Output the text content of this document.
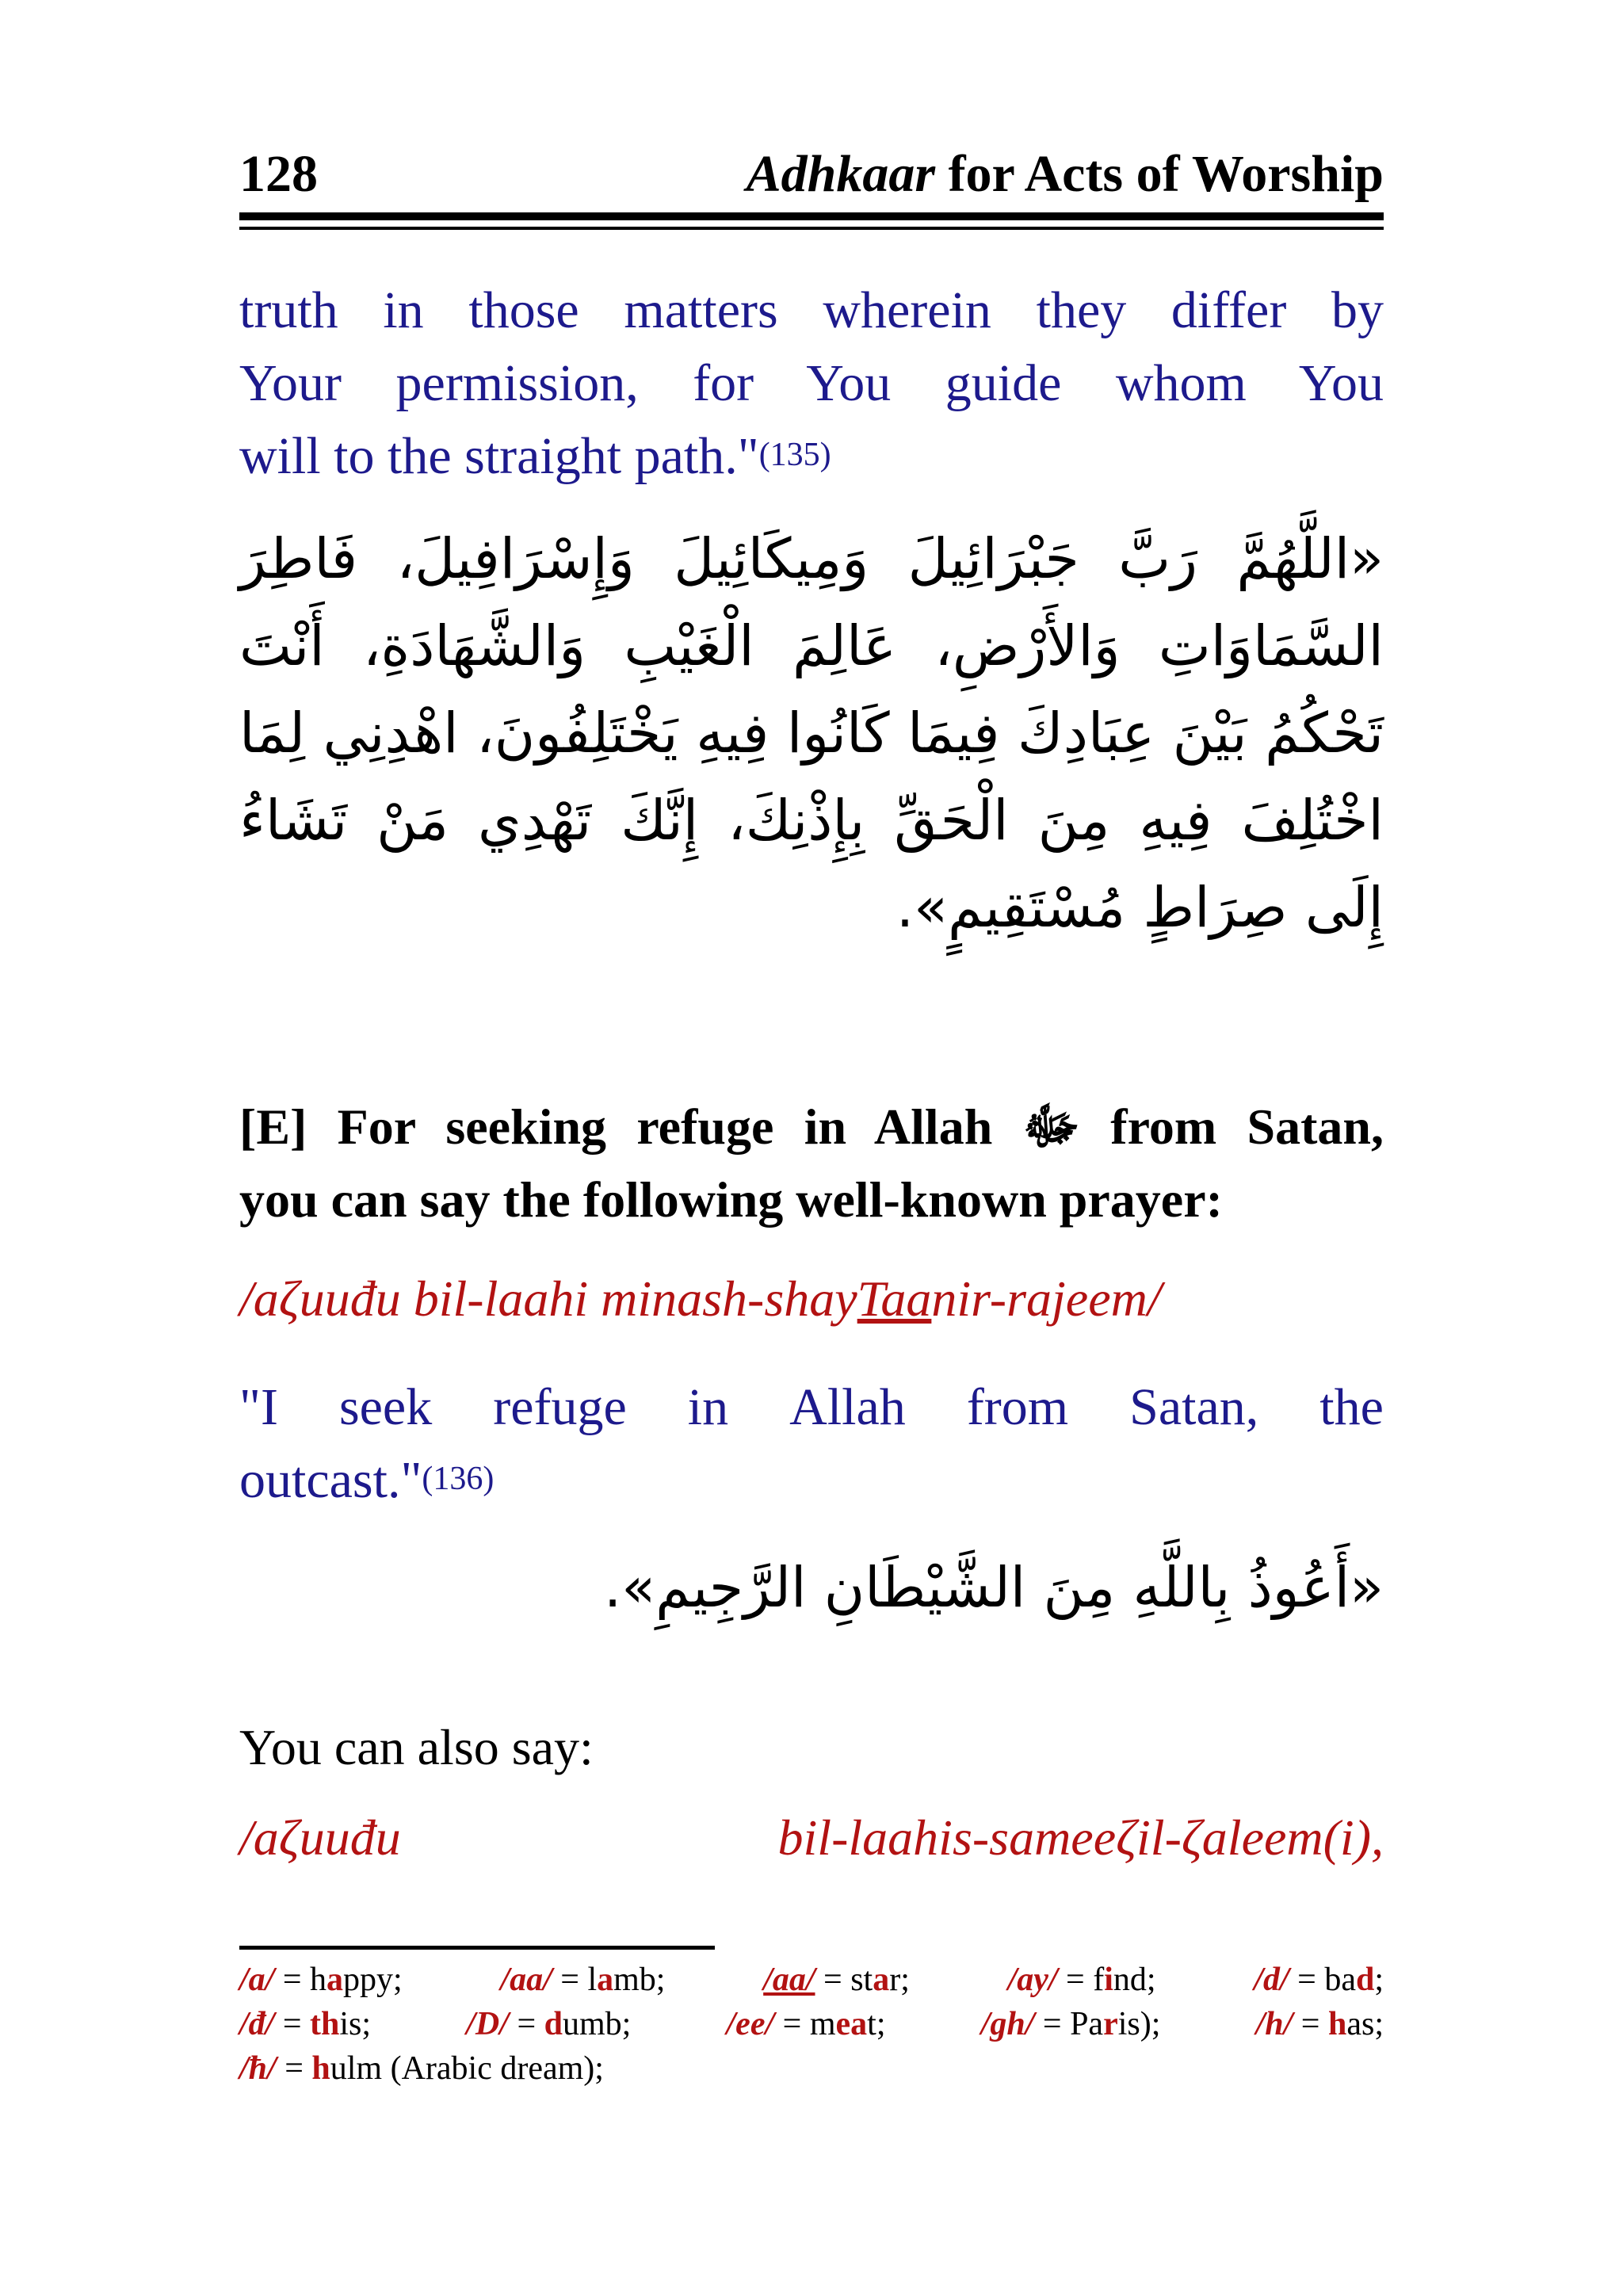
128	Adhkaar for Acts of Worship
truth in those matters wherein they differ by
Your permission, for You guide whom You
will to the straight path."$^{(135)}$
«اللَّهُمَّ رَبَّ جَبْرَائِيلَ وَمِيكَائِيلَ وَإِسْرَافِيلَ، فَاطِرَ السَّمَاوَاتِ وَالأَرْضِ، عَالِمَ الْغَيْبِ وَالشَّهَادَةِ، أَنْتَ تَحْكُمُ بَيْنَ عِبَادِكَ فِيمَا كَانُوا فِيهِ يَخْتَلِفُونَ، اهْدِنِي لِمَا اخْتُلِفَ فِيهِ مِنَ الْحَقِّ بِإِذْنِكَ، إِنَّكَ تَهْدِي مَنْ تَشَاءُ إِلَى صِرَاطٍ مُسْتَقِيمٍ».
[E] For seeking refuge in Allah ﷻ from Satan,
you can say the following well-known prayer:
/aζuuđu bil-laahi minash-shayTaanir-rajeem/
"I seek refuge in Allah from Satan, the
outcast."$^{(136)}$
«أَعُوذُ بِاللَّهِ مِنَ الشَّيْطَانِ الرَّجِيمِ».
You can also say:
/aζuuđu	bil-laahis-sameeζil-ζaleem(i),
/a/ = happy;	/aa/ = lamb;	/aa/ = star;	/ay/ = find;	/d/ = bad;
/đ/ = this;	/D/ = dumb;	/ee/ = meat;	/gh/ = Paris);	/h/ = has;
/ħ/ = hulm (Arabic dream);
